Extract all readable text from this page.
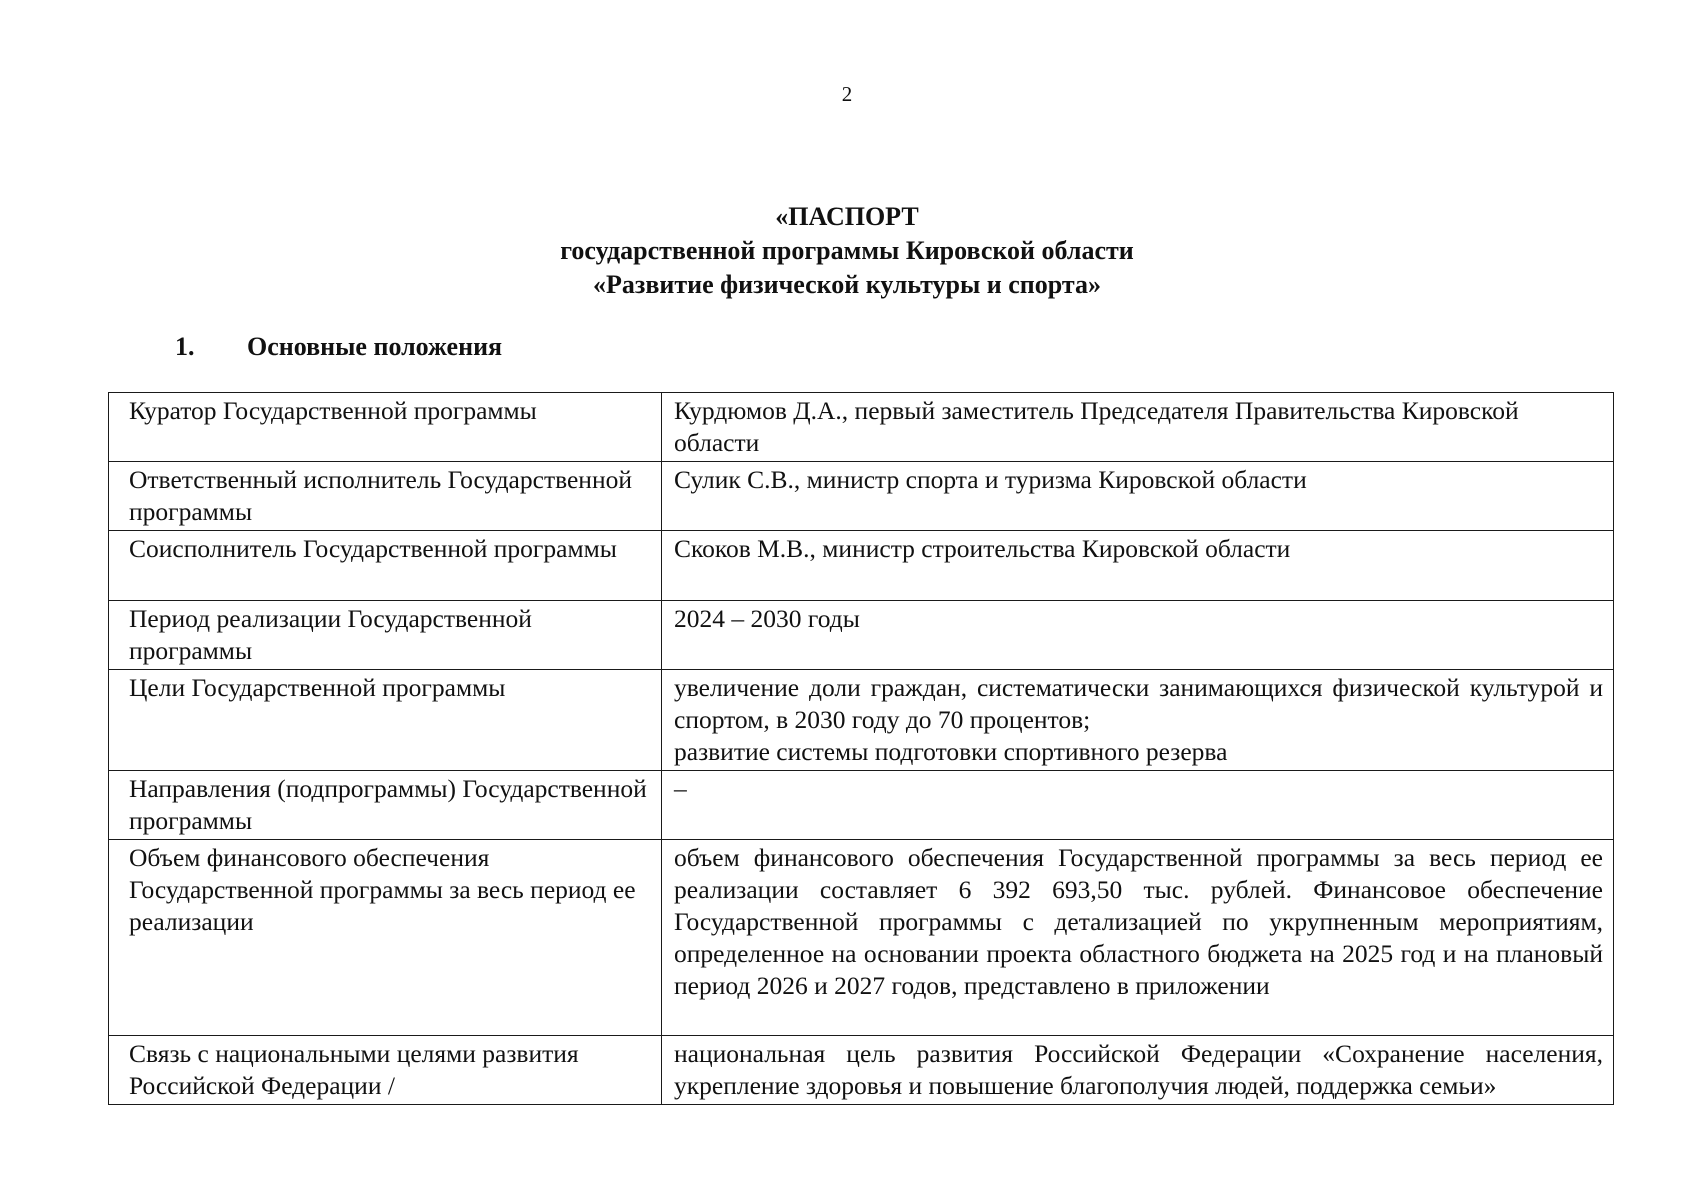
2
«ПАСПОРТ
государственной программы Кировской области
«Развитие физической культуры и спорта»
1. Основные положения
Куратор Государственной программы	Курдюмов Д.А., первый заместитель Председателя Правительства Кировской области

Ответственный исполнитель Государственной программы	Сулик С.В., министр спорта и туризма Кировской области

Соисполнитель Государственной программы	Скоков М.В., министр строительства Кировской области

Период реализации Государственной программы	2024 – 2030 годы

Цели Государственной программы	увеличение доли граждан, систематически занимающихся физической культурой и спортом, в 2030 году до 70 процентов;
развитие системы подготовки спортивного резерва

Направления (подпрограммы) Государственной программы	–

Объем финансового обеспечения Государственной программы за весь период ее реализации	объем финансового обеспечения Государственной программы за весь период ее реализации составляет 6 392 693,50 тыс. рублей. Финансовое обеспечение Государственной программы с детализацией по укрупненным мероприятиям, определенное на основании проекта областного бюджета на 2025 год и на плановый период 2026 и 2027 годов, представлено в приложении

Связь с национальными целями развития Российской Федерации /	национальная цель развития Российской Федерации «Сохранение населения, укрепление здоровья и повышение благополучия людей, поддержка семьи»
